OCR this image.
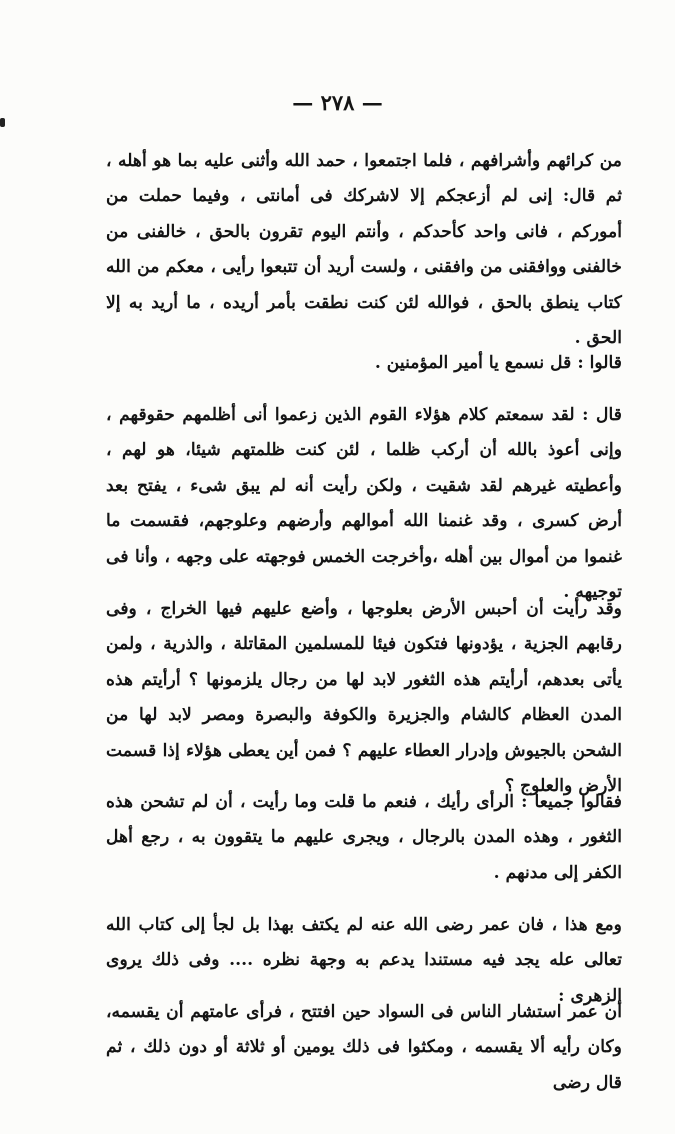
— ٢٧٨ —
من كرائهم وأشرافهم ، فلما اجتمعوا ، حمد الله وأثنى عليه بما هو أهله ، ثم قال: إنى لم أزعجكم إلا لاشركك فى أمانتى ، وفيما حملت من أموركم ، فانى واحد كأحدكم ، وأنتم اليوم تقرون بالحق ، خالفنى من خالفنى ووافقنى من وافقنى ، ولست أريد أن تتبعوا رأيى ، معكم من الله كتاب ينطق بالحق ، فوالله لئن كنت نطقت بأمر أريده ، ما أريد به إلا الحق .
قالوا : قل نسمع يا أمير المؤمنين .
قال : لقد سمعتم كلام هؤلاء القوم الذين زعموا أنى أظلمهم حقوقهم ، وإنى أعوذ بالله أن أركب ظلما ، لئن كنت ظلمتهم شيئا، هو لهم ، وأعطيته غيرهم لقد شقيت ، ولكن رأيت أنه لم يبق شىء ، يفتح بعد أرض كسرى ، وقد غنمنا الله أموالهم وأرضهم وعلوجهم، فقسمت ما غنموا من أموال بين أهله ،وأخرجت الخمس فوجهته على وجهه ، وأنا فى توجيهه .
وقد رأيت أن أحبس الأرض بعلوجها ، وأضع عليهم فيها الخراج ، وفى رقابهم الجزية ، يؤدونها فتكون فيئا للمسلمين المقاتلة ، والذرية ، ولمن يأتى بعدهم، أرأيتم هذه الثغور لابد لها من رجال يلزمونها ؟ أرأيتم هذه المدن العظام كالشام والجزيرة والكوفة والبصرة ومصر لابد لها من الشحن بالجيوش وإدرار العطاء عليهم ؟ فمن أين يعطى هؤلاء إذا قسمت الأرض والعلوج ؟
فقالوا جميعا : الرأى رأيك ، فنعم ما قلت وما رأيت ، أن لم تشحن هذه الثغور ، وهذه المدن بالرجال ، ويجرى عليهم ما يتقوون به ، رجع أهل الكفر إلى مدنهم .
ومع هذا ، فان عمر رضى الله عنه لم يكتف بهذا بل لجأ إلى كتاب الله تعالى عله يجد فيه مستندا يدعم به وجهة نظره .... وفى ذلك يروى الزهرى :
أن عمر استشار الناس فى السواد حين افتتح ، فرأى عامتهم أن يقسمه، وكان رأيه ألا يقسمه ، ومكثوا فى ذلك يومين أو ثلاثة أو دون ذلك ، ثم قال رضى
